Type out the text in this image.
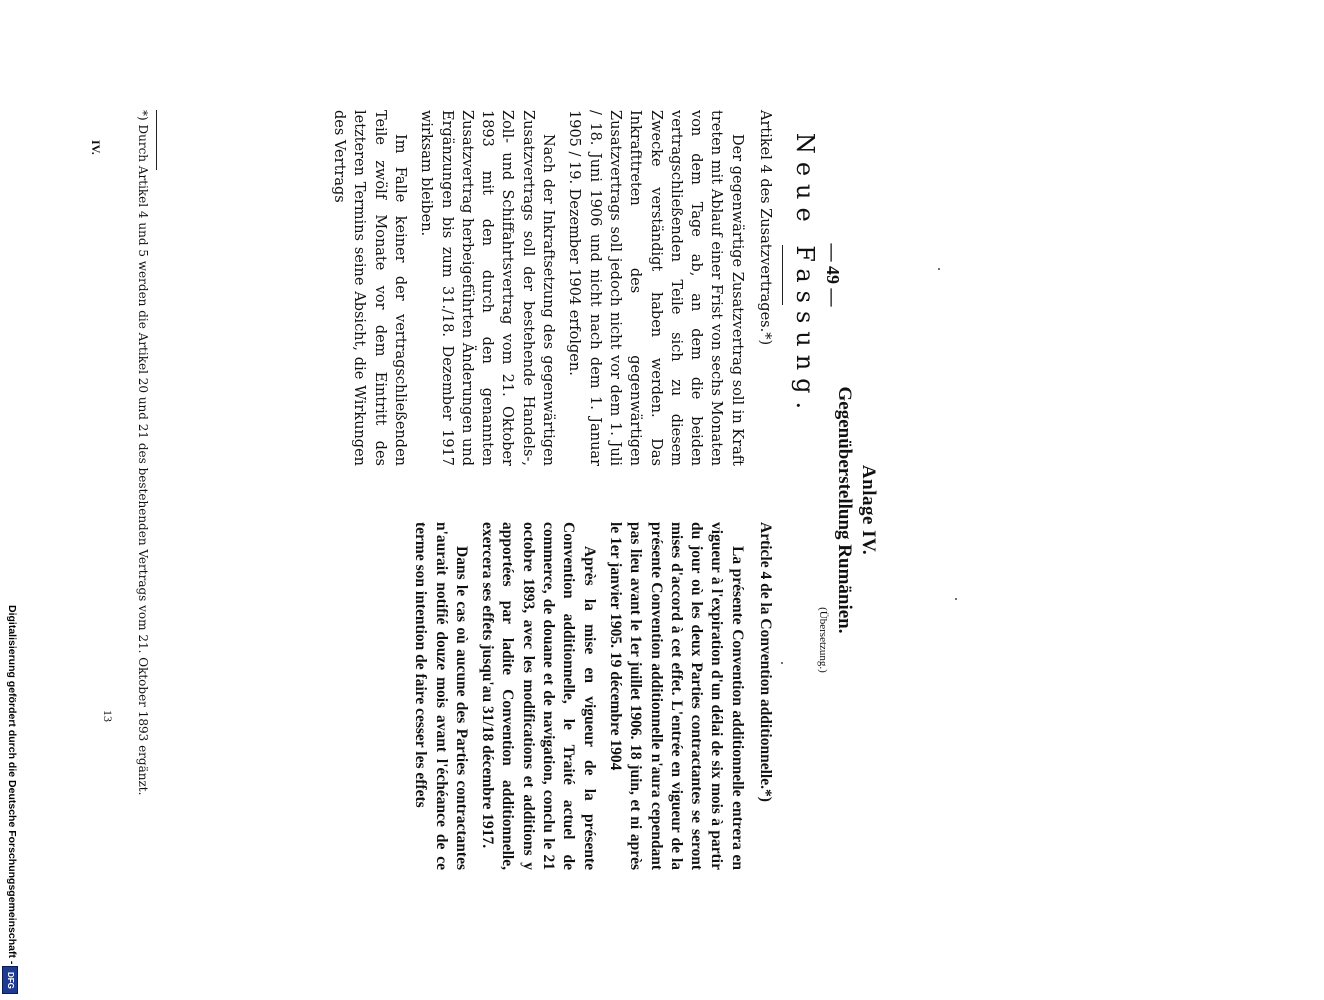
Anlage IV.
Gegenüberstellung Rumänien.
(Übersetzung.)
— 49 —
Neue Fassung.

Artikel 4 des Zusatzvertrages.*)

Der gegenwärtige Zusatzvertrag soll in Kraft treten mit Ablauf einer Frist von sechs Monaten von dem Tage ab, an dem die beiden vertragschließenden Teile sich zu diesem Zwecke verständigt haben werden. Das Inkrafttreten des gegenwärtigen Zusatzvertrags soll jedoch nicht vor dem 1. Juli / 18. Juni 1906 und nicht nach dem 1. Januar 1905 / 19. Dezember 1904 erfolgen.

Nach der Inkraftsetzung des gegenwärtigen Zusatzvertrags soll der bestehende Handels-, Zoll- und Schiffahrtsvertrag vom 21. Oktober 1893 mit den durch den genannten Zusatzvertrag herbeigeführten Änderungen und Ergänzungen bis zum 31./18. Dezember 1917 wirksam bleiben.

Im Falle keiner der vertragschließenden Teile zwölf Monate vor dem Eintritt des letzteren Termins seine Absicht, die Wirkungen des Vertrags

Article 4 de la Convention additionnelle.*)

La présente Convention additionnelle entrera en vigueur à l'expiration d'un délai de six mois à partir du jour où les deux Parties contractantes se seront mises d'accord à cet effet. L'entrée en vigueur de la présente Convention additionnelle n'aura cependant pas lieu avant le 1er juillet 1906. 18 juin, et ni après le 1er janvier 1905. 19 décembre 1904

Après la mise en vigueur de la présente Convention additionnelle, le Traité actuel de commerce, de douane et de navigation, conclu le 21 octobre 1893, avec les modifications et additions y apportées par ladite Convention additionnelle, exercera ses effets jusqu'au 31/18 décembre 1917.

Dans le cas où aucune des Parties contractantes n'aurait notifié douze mois avant l'échéance de ce terme son intention de faire cesser les effets

*) Durch Artikel 4 und 5 werden die Artikel 20 und 21 des bestehenden Vertrags vom 21. Oktober 1893 ergänzt.
13
IV.
Digitalisierung gefördert durch die Deutsche Forschungsgemeinschaft -
DFG
